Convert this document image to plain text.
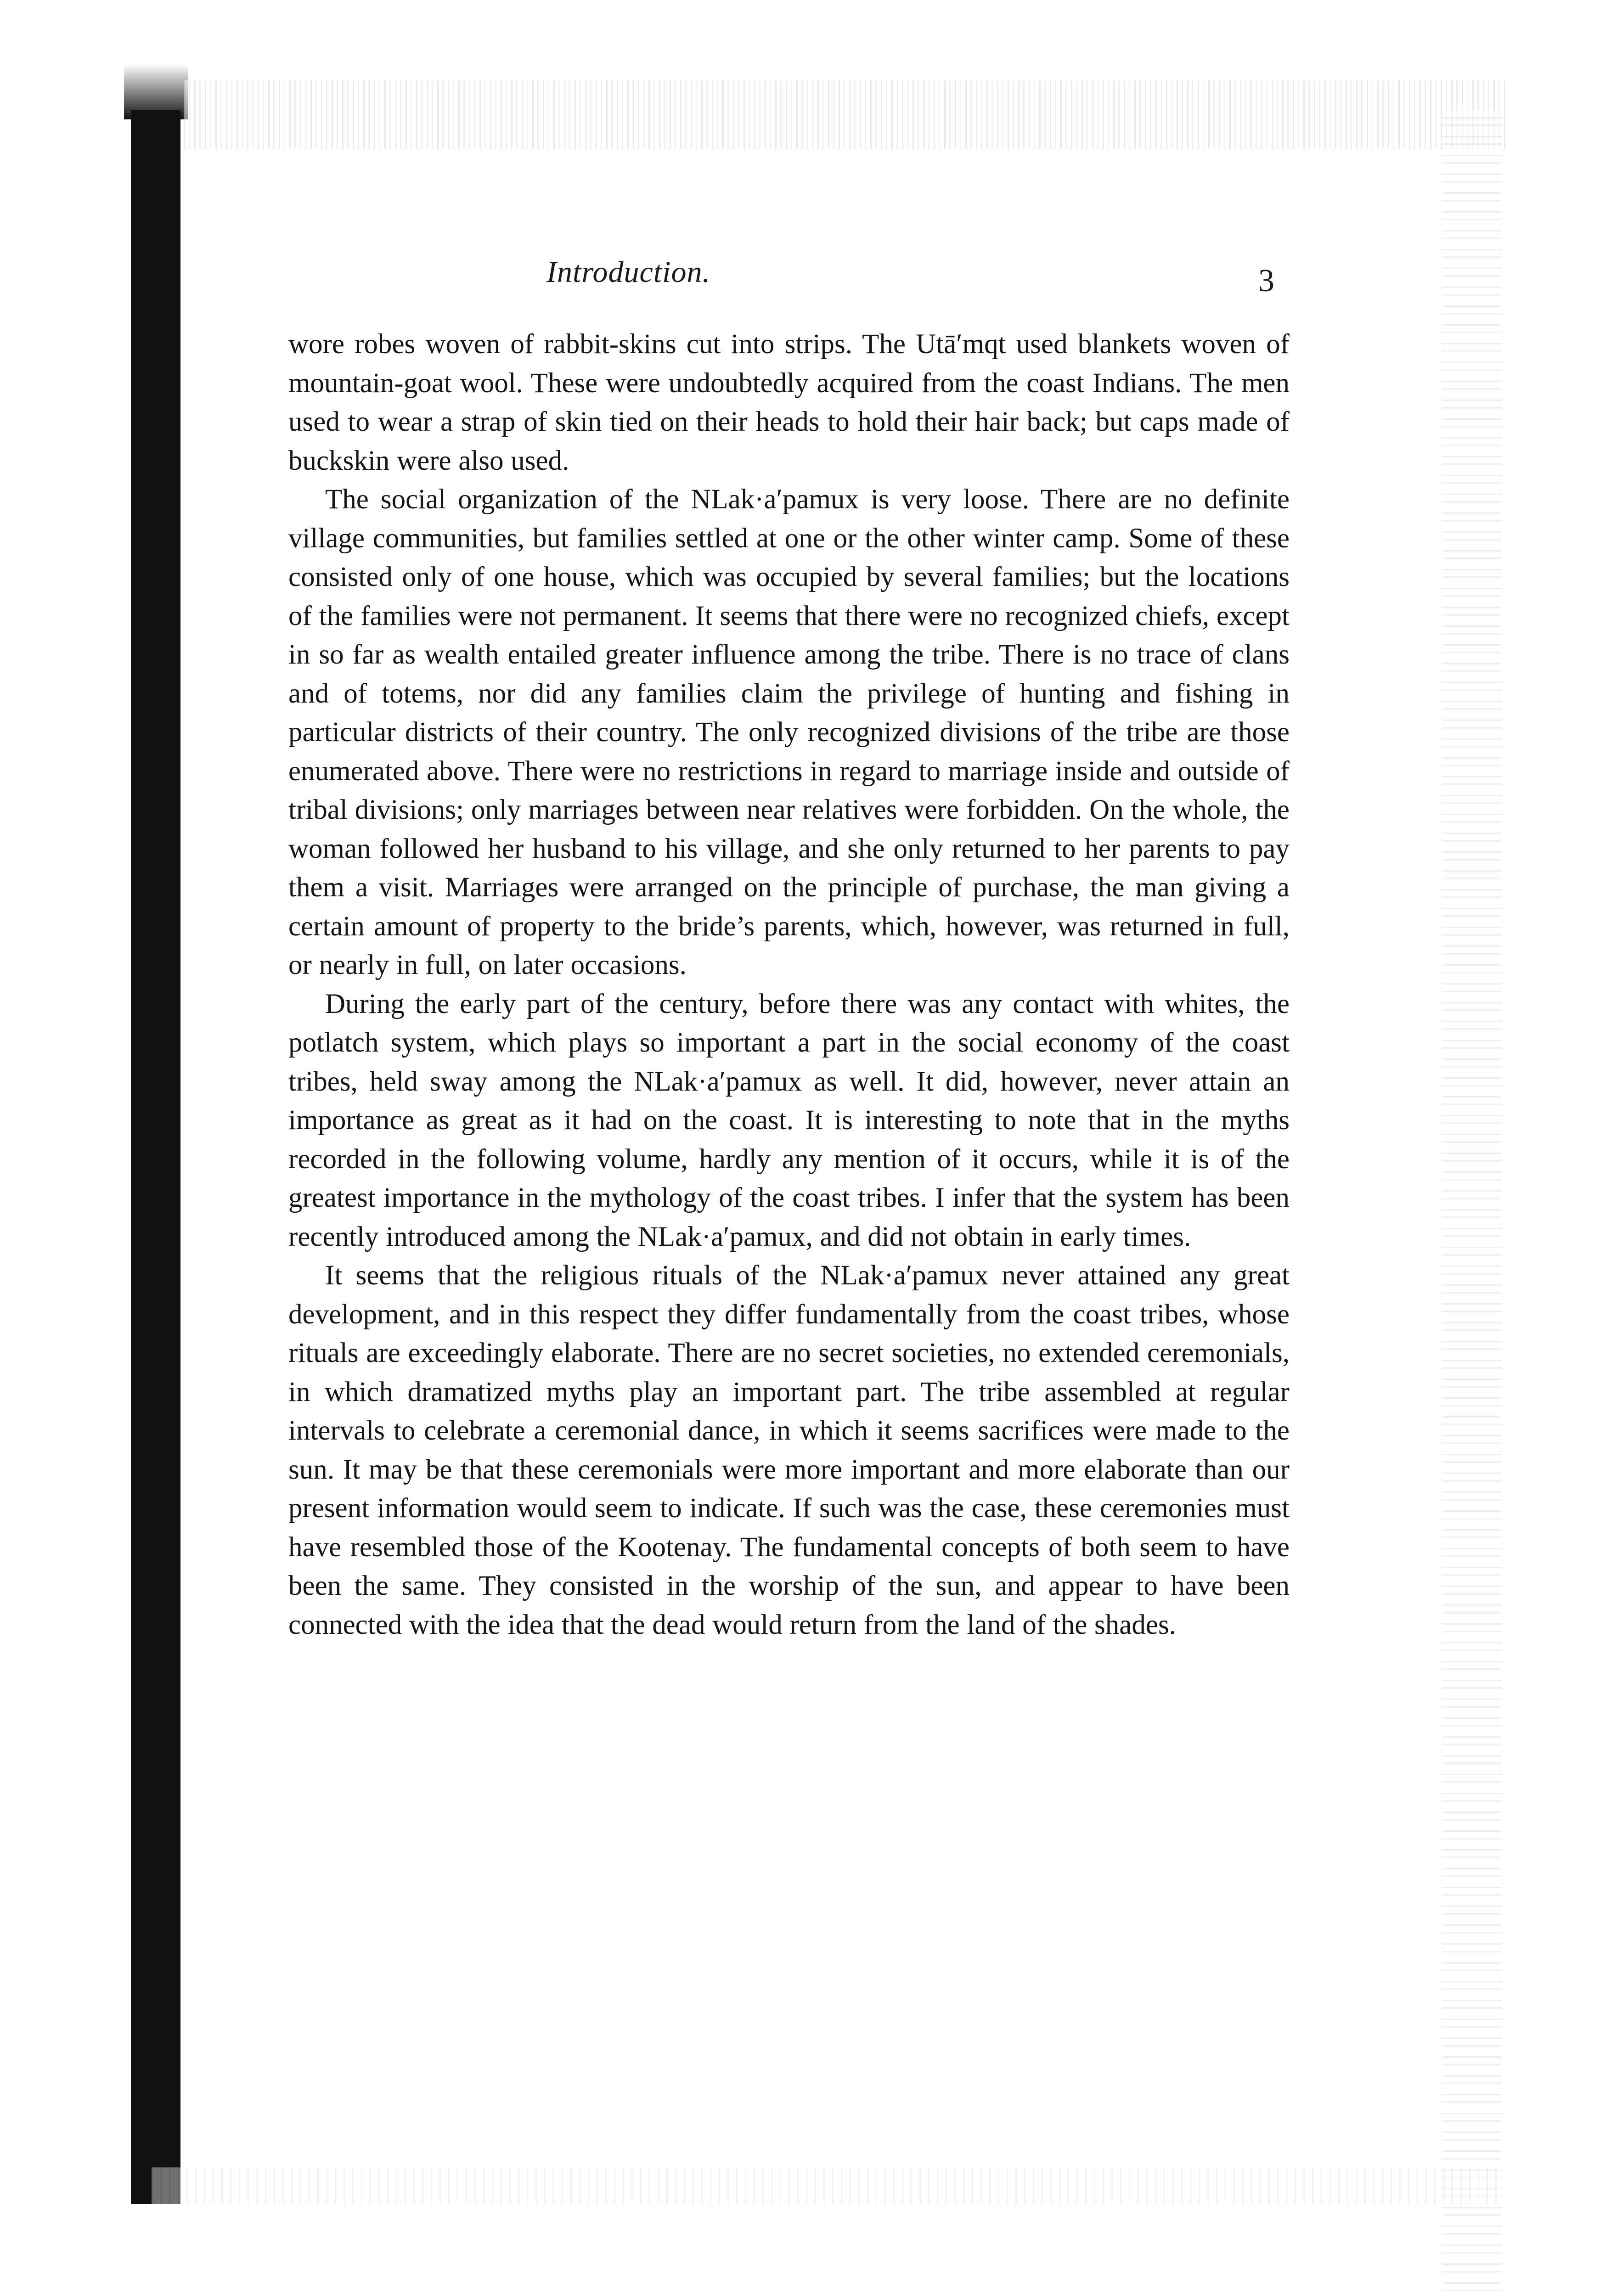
Introduction.	3

wore robes woven of rabbit-skins cut into strips. The Utā′mqt used blankets woven of mountain-goat wool. These were undoubtedly acquired from the coast Indians. The men used to wear a strap of skin tied on their heads to hold their hair back; but caps made of buckskin were also used.

The social organization of the NLak·a′pamux is very loose. There are no definite village communities, but families settled at one or the other winter camp. Some of these consisted only of one house, which was occupied by several families; but the locations of the families were not permanent. It seems that there were no recognized chiefs, except in so far as wealth entailed greater influence among the tribe. There is no trace of clans and of totems, nor did any families claim the privilege of hunting and fishing in particular districts of their country. The only recognized divisions of the tribe are those enumerated above. There were no restrictions in regard to marriage inside and outside of tribal divisions; only marriages between near relatives were forbidden. On the whole, the woman followed her husband to his village, and she only returned to her parents to pay them a visit. Marriages were arranged on the principle of purchase, the man giving a certain amount of property to the bride’s parents, which, however, was returned in full, or nearly in full, on later occasions.

During the early part of the century, before there was any contact with whites, the potlatch system, which plays so important a part in the social economy of the coast tribes, held sway among the NLak·a′pamux as well. It did, however, never attain an importance as great as it had on the coast. It is interesting to note that in the myths recorded in the following volume, hardly any mention of it occurs, while it is of the greatest importance in the mythology of the coast tribes. I infer that the system has been recently introduced among the NLak·a′pamux, and did not obtain in early times.

It seems that the religious rituals of the NLak·a′pamux never attained any great development, and in this respect they differ fundamentally from the coast tribes, whose rituals are exceedingly elaborate. There are no secret societies, no extended ceremonials, in which dramatized myths play an important part. The tribe assembled at regular intervals to celebrate a ceremonial dance, in which it seems sacrifices were made to the sun. It may be that these ceremonials were more important and more elaborate than our present information would seem to indicate. If such was the case, these ceremonies must have resembled those of the Kootenay. The fundamental concepts of both seem to have been the same. They consisted in the worship of the sun, and appear to have been connected with the idea that the dead would return from the land of the shades.
